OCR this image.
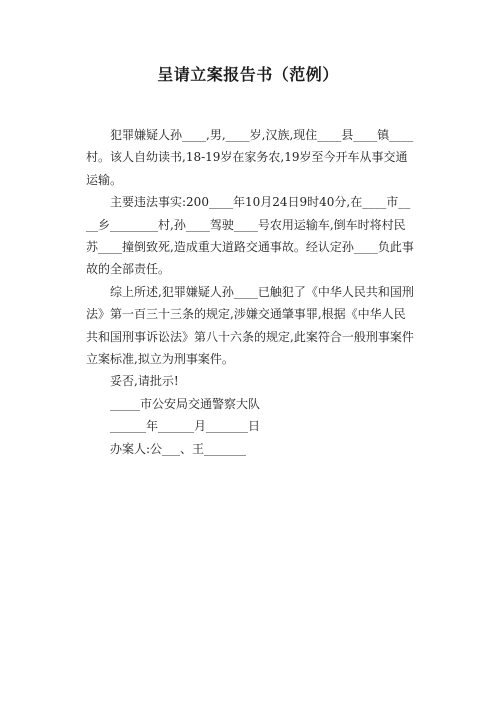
呈请立案报告书（范例）

犯罪嫌疑人孙____,男,____岁,汉族,现住____县____镇____村。该人自幼读书,18-19岁在家务农,19岁至今开车从事交通运输。

主要违法事实:200____年10月24日9时40分,在____市____乡________村,孙____驾驶____号农用运输车,倒车时将村民苏____撞倒致死,造成重大道路交通事故。经认定孙____负此事故的全部责任。

综上所述,犯罪嫌疑人孙____已触犯了《中华人民共和国刑法》第一百三十三条的规定,涉嫌交通肇事罪,根据《中华人民共和国刑事诉讼法》第八十六条的规定,此案符合一般刑事案件立案标准,拟立为刑事案件。

妥否,请批示!

_____市公安局交通警察大队

______年______月_______日

办案人:公___、王_______
